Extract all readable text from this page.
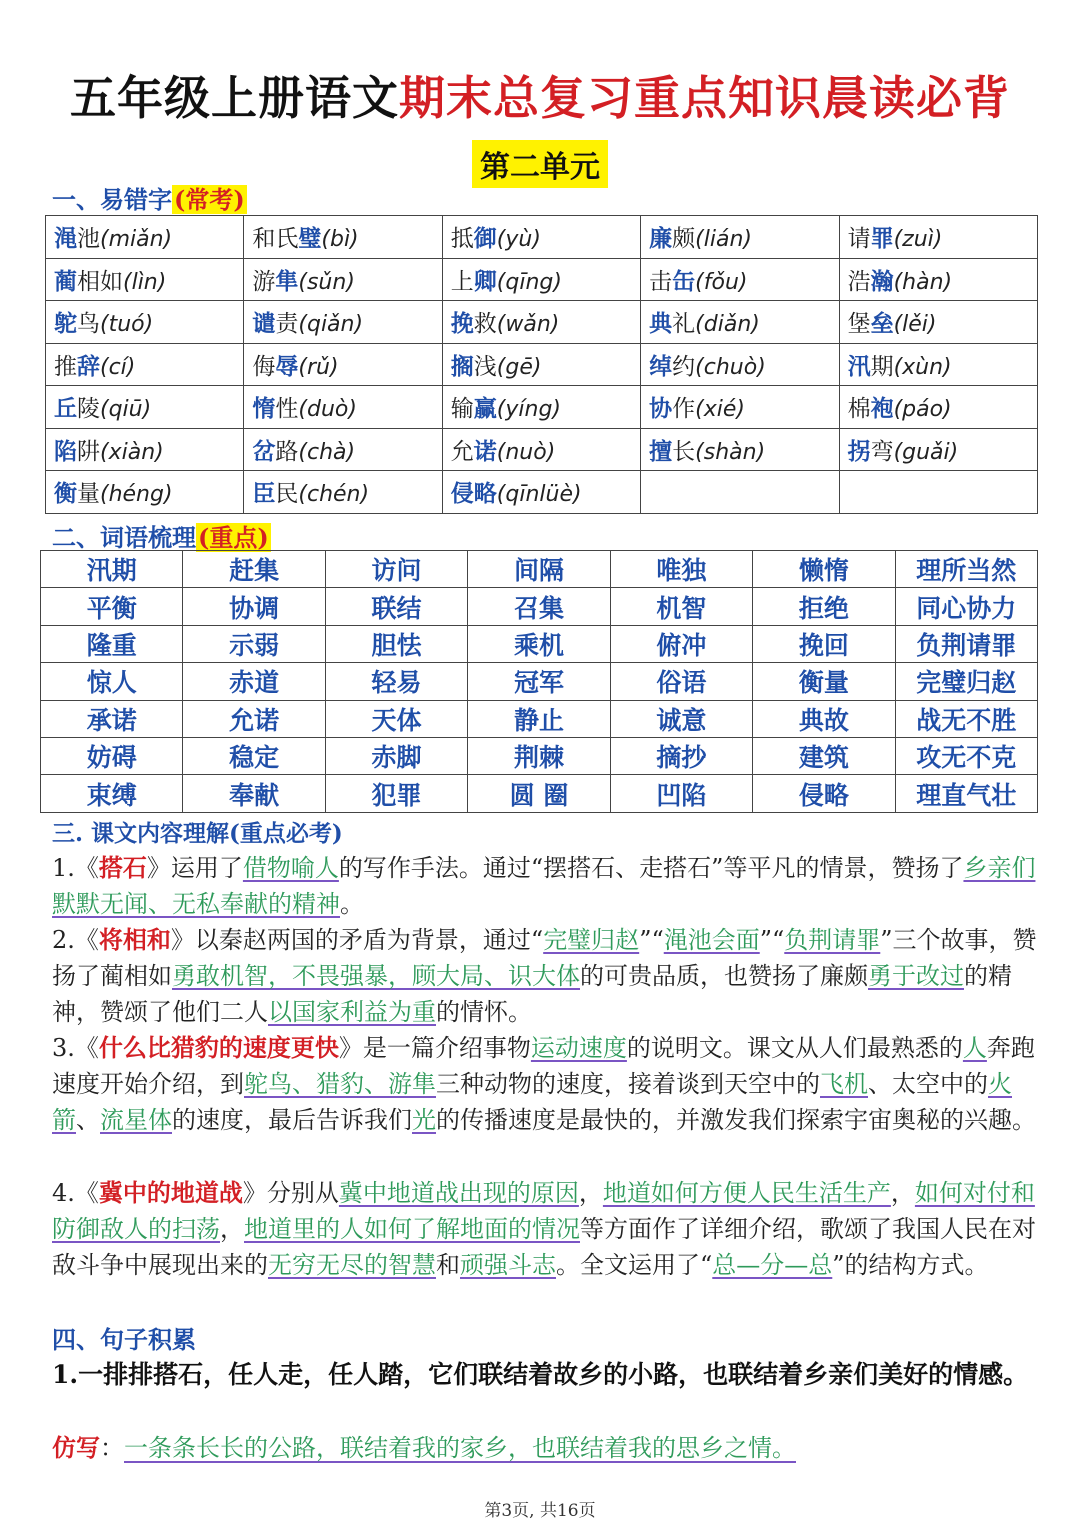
五年级上册语文期末总复习重点知识晨读必背
第二单元
一、易错字(常考)
渑池(miǎn)	和氏璧(bì)	抵御(yù)	廉颇(lián)	请罪(zuì)
蔺相如(lìn)	游隼(sǔn)	上卿(qīng)	击缶(fǒu)	浩瀚(hàn)
鸵鸟(tuó)	谴责(qiǎn)	挽救(wǎn)	典礼(diǎn)	堡垒(lěi)
推辞(cí)	侮辱(rǔ)	搁浅(gē)	绰约(chuò)	汛期(xùn)
丘陵(qiū)	惰性(duò)	输赢(yíng)	协作(xié)	棉袍(páo)
陷阱(xiàn)	岔路(chà)	允诺(nuò)	擅长(shàn)	拐弯(guǎi)
衡量(héng)	臣民(chén)	侵略(qīnlüè)		
二、词语梳理(重点)
汛期	赶集	访问	间隔	唯独	懒惰	理所当然
平衡	协调	联结	召集	机智	拒绝	同心协力
隆重	示弱	胆怯	乘机	俯冲	挽回	负荆请罪
惊人	赤道	轻易	冠军	俗语	衡量	完璧归赵
承诺	允诺	天体	静止	诚意	典故	战无不胜
妨碍	稳定	赤脚	荆棘	摘抄	建筑	攻无不克
束缚	奉献	犯罪	圆 圈	凹陷	侵略	理直气壮
三. 课文内容理解(重点必考)
1.《搭石》运用了借物喻人的写作手法。通过“摆搭石、走搭石”等平凡的情景，赞扬了乡亲们默默无闻、无私奉献的精神。
2.《将相和》以秦赵两国的矛盾为背景，通过“完璧归赵”“渑池会面”“负荆请罪”三个故事，赞扬了蔺相如勇敢机智，不畏强暴，顾大局、识大体的可贵品质，也赞扬了廉颇勇于改过的精神，赞颂了他们二人以国家利益为重的情怀。
3.《什么比猎豹的速度更快》是一篇介绍事物运动速度的说明文。课文从人们最熟悉的人奔跑速度开始介绍，到鸵鸟、猎豹、游隼三种动物的速度，接着谈到天空中的飞机、太空中的火箭、流星体的速度，最后告诉我们光的传播速度是最快的，并激发我们探索宇宙奥秘的兴趣。
4.《冀中的地道战》分别从冀中地道战出现的原因，地道如何方便人民生活生产，如何对付和防御敌人的扫荡，地道里的人如何了解地面的情况等方面作了详细介绍，歌颂了我国人民在对敌斗争中展现出来的无穷无尽的智慧和顽强斗志。全文运用了“总—分—总”的结构方式。
四、句子积累
1.一排排搭石，任人走，任人踏，它们联结着故乡的小路，也联结着乡亲们美好的情感。
仿写：一条条长长的公路，联结着我的家乡，也联结着我的思乡之情。
第3页, 共16页
